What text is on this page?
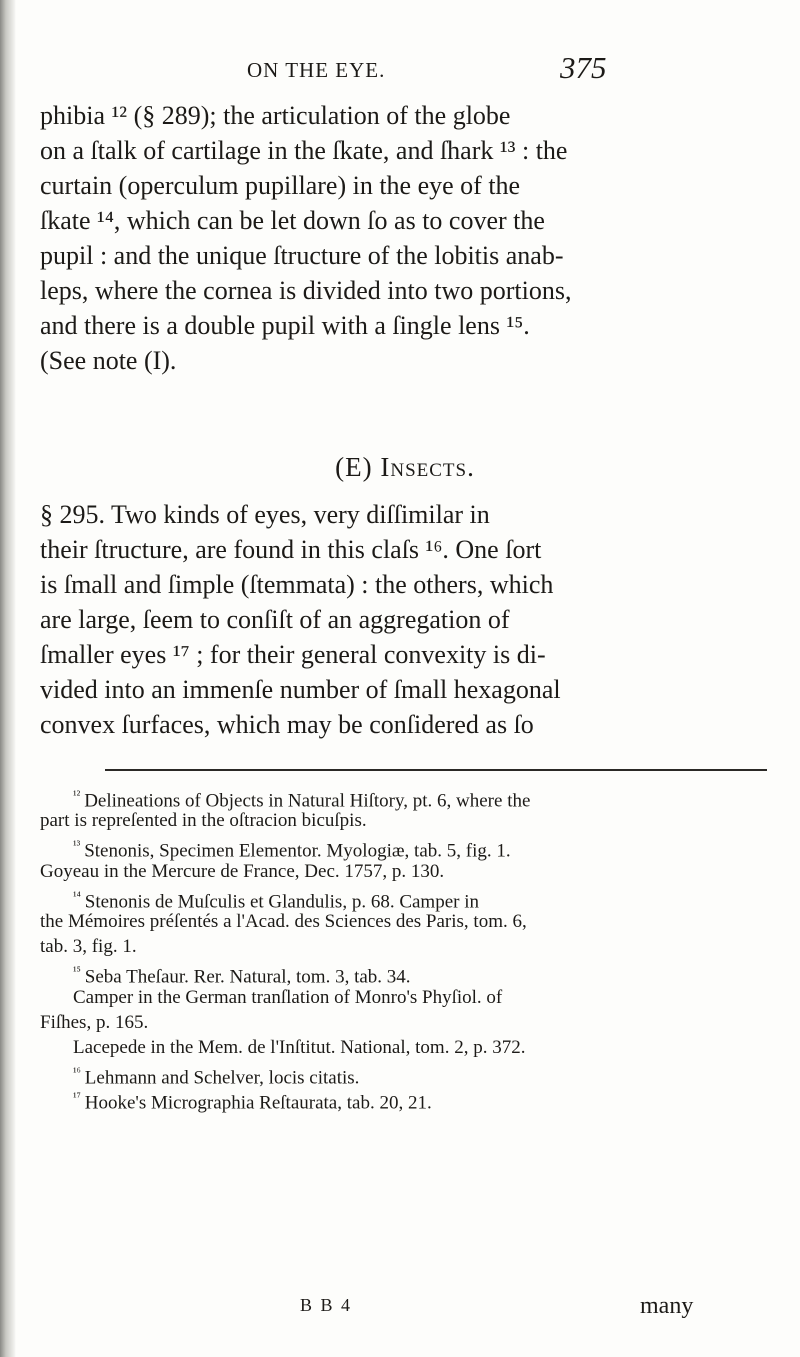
ON THE EYE.	375
phibia ¹² (§ 289); the articulation of the globe
on a ſtalk of cartilage in the ſkate, and ſhark ¹³ : the
curtain (operculum pupillare) in the eye of the
ſkate ¹⁴, which can be let down ſo as to cover the
pupil : and the unique ſtructure of the lobitis anab-
leps, where the cornea is divided into two portions,
and there is a double pupil with a ſingle lens ¹⁵.
(See note (I).
(E) Insects.
§ 295. Two kinds of eyes, very diſſimilar in
their ſtructure, are found in this claſs ¹⁶. One ſort
is ſmall and ſimple (ſtemmata) : the others, which
are large, ſeem to conſiſt of an aggregation of
ſmaller eyes ¹⁷ ; for their general convexity is di-
vided into an immenſe number of ſmall hexagonal
convex ſurfaces, which may be conſidered as ſo
$^{^{12}}$ Delineations of Objects in Natural Hiſtory, pt. 6, where the
part is repreſented in the oſtracion bicuſpis.
$^{^{13}}$ Stenonis, Specimen Elementor. Myologiæ, tab. 5, fig. 1.
Goyeau in the Mercure de France, Dec. 1757, p. 130.
$^{^{14}}$ Stenonis de Muſculis et Glandulis, p. 68. Camper in
the Mémoires préſentés a l'Acad. des Sciences des Paris, tom. 6,
tab. 3, fig. 1.
$^{^{15}}$ Seba Theſaur. Rer. Natural, tom. 3, tab. 34.
Camper in the German tranſlation of Monro's Phyſiol. of
Fiſhes, p. 165.
Lacepede in the Mem. de l'Inſtitut. National, tom. 2, p. 372.
$^{^{16}}$ Lehmann and Schelver, locis citatis.
$^{^{17}}$ Hooke's Micrographia Reſtaurata, tab. 20, 21.
B B 4	many
